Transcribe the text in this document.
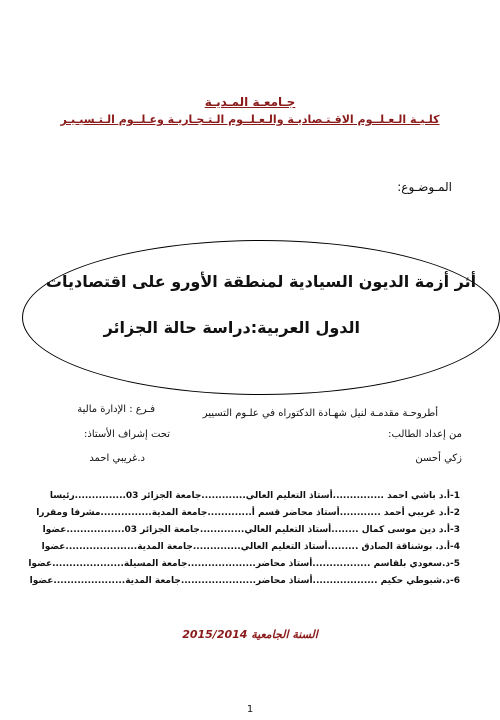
جـامعـة المـديـة
كلـيـة الـعـلــوم الاقـتـصاديـة والـعـلــوم الـتـجـاريـة وعـلــوم الـتـسيـيـر
المـوضـوع:
أثر أزمة الديون السيادية لمنطقة الأورو على اقتصاديات
الدول العربية:دراسة حالة الجزائر
أطروحـة مقدمـة لنيل شهـادة الدكتوراه في علـوم التسيير
فـرع : الإدارة مالية
من إعداد الطالب:
تحت إشراف الأستاذ:
زكي أحسن
د.غريبي احمد
1-أ.د باشي احمد ...............أستاذ التعليم العالي.............جامعة الجزائر 03...............رئيسا
2-أ.د غريبي أحمد ............أستاذ محاضر قسم أ.............جامعة المدية...............مشرفا ومقررا
3-أ.د دين موسى كمال ........أستاذ التعليم العالي.............جامعة الجزائر 03.................عضوا
4-أ.د. بوشناقة الصادق .........أستاذ التعليم العالي..............جامعة المدية.....................عضوا
5-د.سعودي بلقاسم .................أستاذ محاضر....................جامعة المسيلة.....................عضوا
6-د.شبوطي حكيم ...................أستاذ محاضر......................جامعة المدية.....................عضوا
السنة الجامعية 2015/2014
1
